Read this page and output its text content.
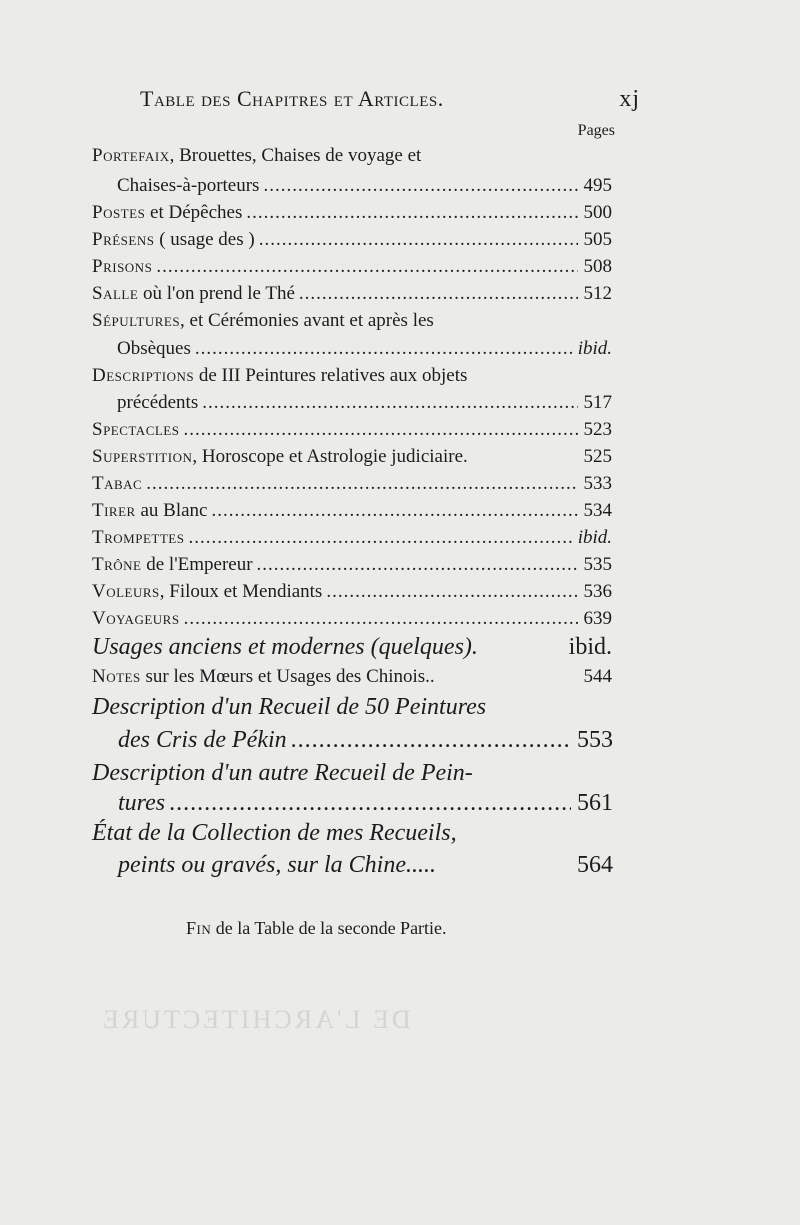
DE L'ARCHITECTURE
Table des Chapitres et Articles.	xj
Pages
Portefaix, Brouettes, Chaises de voyage et
Chaises-à-porteurs .....	495
Postes et Dépêches .....	500
Présens ( usage des ) .....	505
Prisons .....	508
Salle où l'on prend le Thé .....	512
Sépultures, et Cérémonies avant et après les
Obsèques .....	ibid.
Descriptions de III Peintures relatives aux objets
précédents .....	517
Spectacles .....	523
Superstition, Horoscope et Astrologie judiciaire.	525
Tabac .....	533
Tirer au Blanc .....	534
Trompettes .....	ibid.
Trône de l'Empereur .....	535
Voleurs, Filoux et Mendiants .....	536
Voyageurs .....	639
Usages anciens et modernes (quelques).	ibid.
Notes sur les Mœurs et Usages des Chinois..	544
Description d'un Recueil de 50 Peintures
des Cris de Pékin .....	553
Description d'un autre Recueil de Pein-
tures .....	561
État de la Collection de mes Recueils,
peints ou gravés, sur la Chine.....	564
Fin de la Table de la seconde Partie.
